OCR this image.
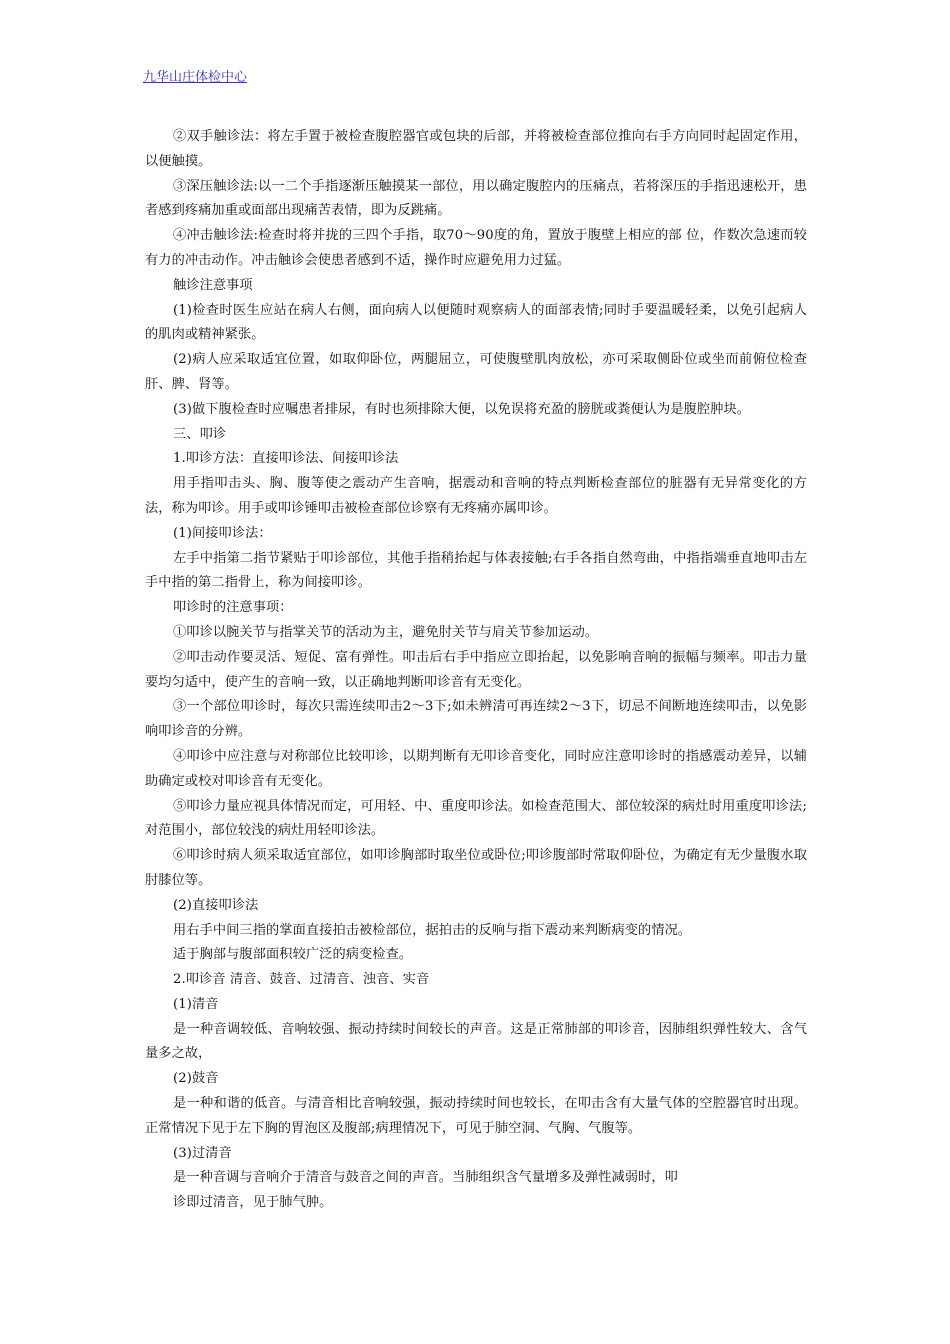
九华山庄体检中心

②双手触诊法：将左手置于被检查腹腔器官或包块的后部，并将被检查部位推向右手方向同时起固定作用，以便触摸。

③深压触诊法:以一二个手指逐渐压触摸某一部位，用以确定腹腔内的压痛点，若将深压的手指迅速松开，患者感到疼痛加重或面部出现痛苦表情，即为反跳痛。

④冲击触诊法:检查时将并拢的三四个手指，取70～90度的角，置放于腹壁上相应的部 位，作数次急速而较有力的冲击动作。冲击触诊会使患者感到不适，操作时应避免用力过猛。

触诊注意事项

(1)检查时医生应站在病人右侧，面向病人以便随时观察病人的面部表情;同时手要温暖轻柔，以免引起病人的肌肉或精神紧张。

(2)病人应采取适宜位置，如取仰卧位，两腿屈立，可使腹壁肌肉放松，亦可采取侧卧位或坐而前俯位检查肝、脾、肾等。

(3)做下腹检查时应嘱患者排尿，有时也须排除大便，以免误将充盈的膀胱或粪便认为是腹腔肿块。

三、叩诊

1.叩诊方法：直接叩诊法、间接叩诊法

用手指叩击头、胸、腹等使之震动产生音响，据震动和音响的特点判断检查部位的脏器有无异常变化的方法，称为叩诊。用手或叩诊锤叩击被检查部位诊察有无疼痛亦属叩诊。

(1)间接叩诊法：

左手中指第二指节紧贴于叩诊部位，其他手指稍抬起与体表接触;右手各指自然弯曲，中指指端垂直地叩击左手中指的第二指骨上，称为间接叩诊。

叩诊时的注意事项：

①叩诊以腕关节与指掌关节的活动为主，避免肘关节与肩关节参加运动。

②叩击动作要灵活、短促、富有弹性。叩击后右手中指应立即抬起，以免影响音响的振幅与频率。叩击力量要均匀适中，使产生的音响一致，以正确地判断叩诊音有无变化。

③一个部位叩诊时，每次只需连续叩击2～3下;如未辨清可再连续2～3下，切忌不间断地连续叩击，以免影响叩诊音的分辨。

④叩诊中应注意与对称部位比较叩诊，以期判断有无叩诊音变化，同时应注意叩诊时的指感震动差异，以辅助确定或校对叩诊音有无变化。

⑤叩诊力量应视具体情况而定，可用轻、中、重度叩诊法。如检查范围大、部位较深的病灶时用重度叩诊法;对范围小，部位较浅的病灶用轻叩诊法。

⑥叩诊时病人须采取适宜部位，如叩诊胸部时取坐位或卧位;叩诊腹部时常取仰卧位，为确定有无少量腹水取肘膝位等。

(2)直接叩诊法

用右手中间三指的掌面直接拍击被检部位，据拍击的反响与指下震动来判断病变的情况。

适于胸部与腹部面积较广泛的病变检查。

2.叩诊音 清音、鼓音、过清音、浊音、实音

(1)清音

是一种音调较低、音响较强、振动持续时间较长的声音。这是正常肺部的叩诊音，因肺组织弹性较大、含气量多之故，

(2)鼓音

是一种和谐的低音。与清音相比音响较强，振动持续时间也较长，在叩击含有大量气体的空腔器官时出现。正常情况下见于左下胸的胃泡区及腹部;病理情况下，可见于肺空洞、气胸、气腹等。

(3)过清音

是一种音调与音响介于清音与鼓音之间的声音。当肺组织含气量增多及弹性减弱时，叩

诊即过清音，见于肺气肿。
